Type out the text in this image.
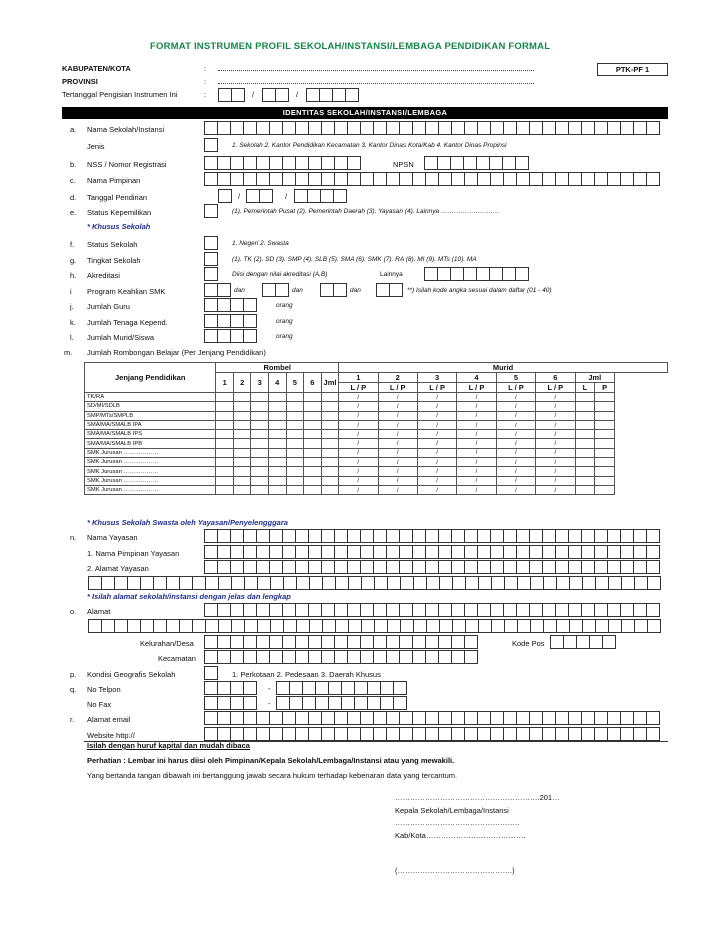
FORMAT INSTRUMEN PROFIL SEKOLAH/INSTANSI/LEMBAGA PENDIDIKAN FORMAL
KABUPATEN/KOTA	:
PROVINSI	:
PTK-PF 1
Tertanggal Pengisian Instrumen Ini	:	/	/
IDENTITAS SEKOLAH/INSTANSI/LEMBAGA
a. Nama Sekolah/Instansi
Jenis	1. Sekolah 2. Kantor Pendidikan Kecamatan 3. Kantor Dinas Kota/Kab 4. Kantor Dinas Propinsi
b. NSS / Nomor Registrasi	NPSN
c. Nama Pimpinan
d. Tanggal Pendirian	/	/
e. Status Kepemilikan	(1). Pemerintah Pusat (2). Pemerintah Daerah (3). Yayasan (4). Lainnya ………………………
* Khusus Sekolah
f. Status Sekolah	1. Negeri 2. Swasta
g. Tingkat Sekolah	(1). TK (2). SD (3). SMP (4). SLB (5). SMA (6). SMK (7). RA (8). MI (9). MTs (10). MA
h. Akreditasi	Diisi dengan nilai akreditasi (A,B)	Lainnya
i Program Keahlian SMK	dan	dan	dan	**) Isilah kode angka sesuai dalam daftar (01 - 40)
j. Jumlah Guru	orang
k. Jumlah Tenaga Kepend.	orang
l. Jumlah Murid/Siswa	orang
m. Jumlah Rombongan Belajar (Per Jenjang Pendidikan)
Jenjang Pendidikan	Rombel							Murid							
	1	2	3	4	5	6	Jml	1	2	3	4	5	6	Jml	
								L / P	L / P	L / P	L / P	L / P	L / P	L	P
TK/RA								/	/	/	/	/	/		
SD/MI/SDLB								/	/	/	/	/	/		
SMP/MTs/SMPLB								/	/	/	/	/	/		
SMA/MA/SMALB IPA								/	/	/	/	/	/		
SMA/MA/SMALB IPS								/	/	/	/	/	/		
SMA/MA/SMALB IPB								/	/	/	/	/	/		
SMK Jurusan ………………								/	/	/	/	/	/		
SMK Jurusan ………………								/	/	/	/	/	/		
SMK Jurusan ………………								/	/	/	/	/	/		
SMK Jurusan ………………								/	/	/	/	/	/		
SMK Jurusan ………………								/	/	/	/	/	/		
* Khusus Sekolah Swasta oleh Yayasan/Penyelengggara
n. Nama Yayasan
1. Nama Pimpinan Yayasan
2. Alamat Yayasan
* Isilah alamat sekolah/instansi dengan jelas dan lengkap
o. Alamat
Kelurahan/Desa	Kode Pos
Kecamatan
p. Kondisi Geografis Sekolah	1. Perkotaan 2. Pedesaan 3. Daerah Khusus
q. No Telpon	-
No Fax	-
r. Alamat email
Website http://
Isilah dengan huruf kapital dan mudah dibaca
Perhatian : Lembar ini harus diisi oleh Pimpinan/Kepala Sekolah/Lembaga/Instansi atau yang mewakili.
Yang bertanda tangan dibawah ini bertanggung jawab secara hukum terhadap kebenaran data yang tercantum.
………………………………………………….201…
Kepala Sekolah/Lembaga/Instansi
…………………………………………..
Kab/Kota………………………………….
(……………………………………….)
